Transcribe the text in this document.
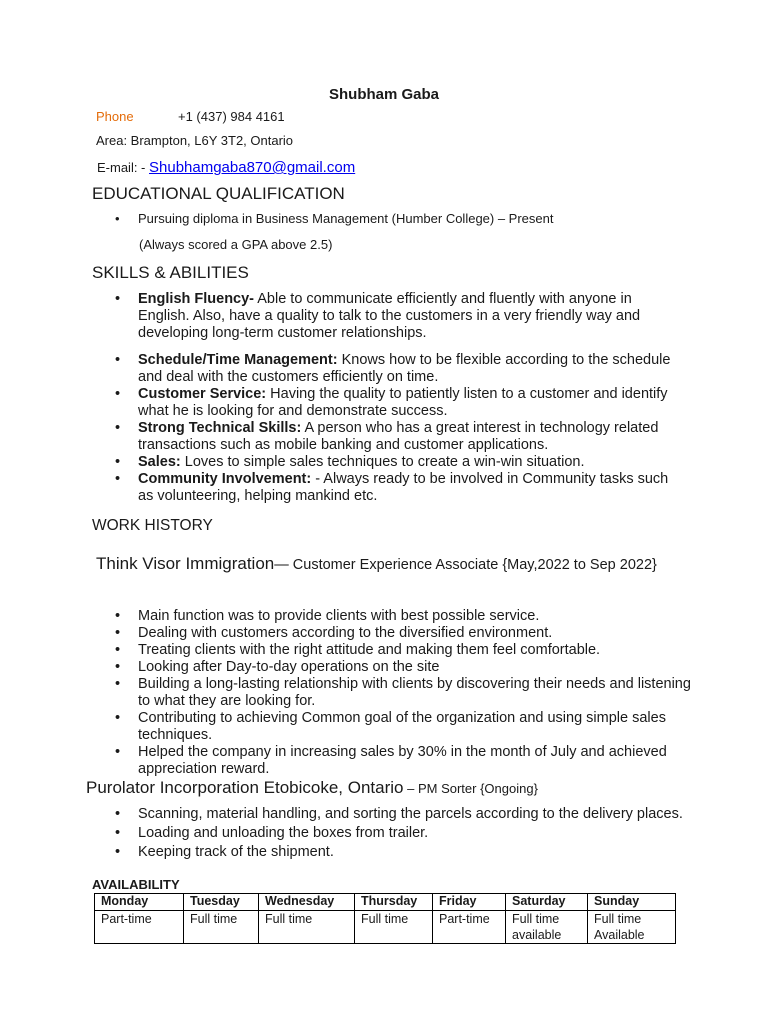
Shubham Gaba
Phone	+1 (437) 984 4161
Area: Brampton, L6Y 3T2, Ontario
E-mail: - Shubhamgaba870@gmail.com
EDUCATIONAL QUALIFICATION
• Pursuing diploma in Business Management (Humber College) – Present
(Always scored a GPA above 2.5)
SKILLS & ABILITIES
• English Fluency- Able to communicate efficiently and fluently with anyone in English. Also, have a quality to talk to the customers in a very friendly way and developing long-term customer relationships.
• Schedule/Time Management: Knows how to be flexible according to the schedule and deal with the customers efficiently on time.
• Customer Service: Having the quality to patiently listen to a customer and identify what he is looking for and demonstrate success.
• Strong Technical Skills: A person who has a great interest in technology related transactions such as mobile banking and customer applications.
• Sales: Loves to simple sales techniques to create a win-win situation.
• Community Involvement: - Always ready to be involved in Community tasks such as volunteering, helping mankind etc.
WORK HISTORY
Think Visor Immigration— Customer Experience Associate {May,2022 to Sep 2022}
• Main function was to provide clients with best possible service.
• Dealing with customers according to the diversified environment.
• Treating clients with the right attitude and making them feel comfortable.
• Looking after Day-to-day operations on the site
• Building a long-lasting relationship with clients by discovering their needs and listening to what they are looking for.
• Contributing to achieving Common goal of the organization and using simple sales techniques.
• Helped the company in increasing sales by 30% in the month of July and achieved appreciation reward.
Purolator Incorporation Etobicoke, Ontario – PM Sorter {Ongoing}
• Scanning, material handling, and sorting the parcels according to the delivery places.
• Loading and unloading the boxes from trailer.
• Keeping track of the shipment.
AVAILABILITY
Monday	Tuesday	Wednesday	Thursday	Friday	Saturday	Sunday
Part-time	Full time	Full time	Full time	Part-time	Full time available	Full time Available
